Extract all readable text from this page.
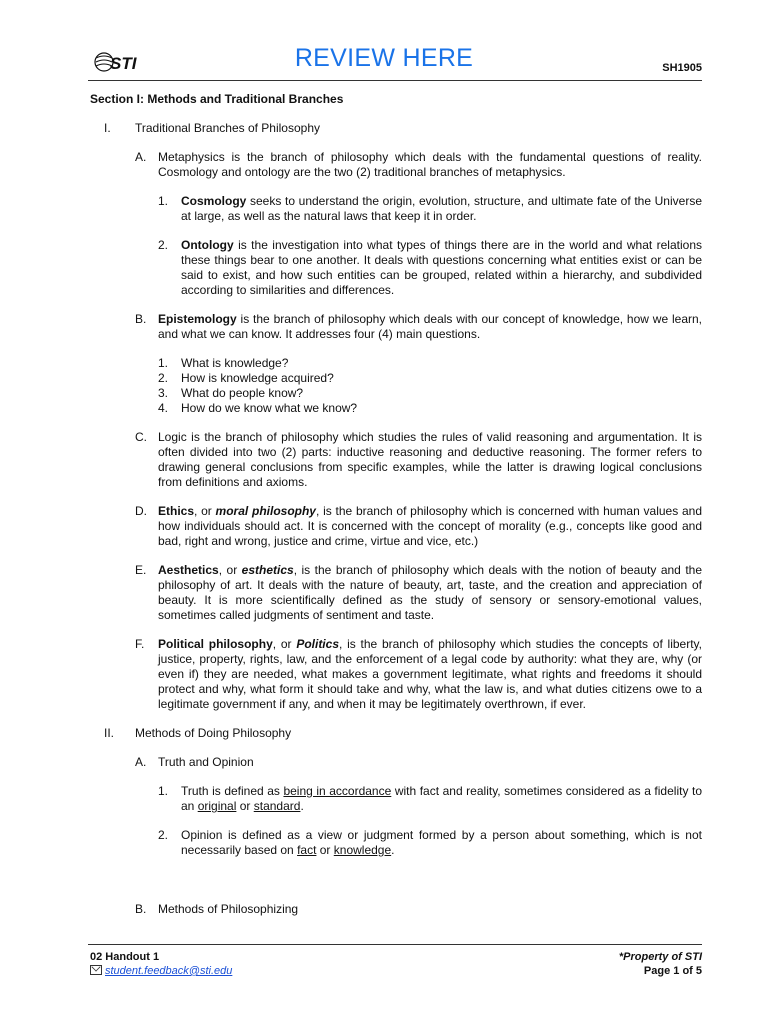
STI	REVIEW HERE	SH1905
Section I: Methods and Traditional Branches
I. Traditional Branches of Philosophy
A. Metaphysics is the branch of philosophy which deals with the fundamental questions of reality. Cosmology and ontology are the two (2) traditional branches of metaphysics.
1. Cosmology seeks to understand the origin, evolution, structure, and ultimate fate of the Universe at large, as well as the natural laws that keep it in order.
2. Ontology is the investigation into what types of things there are in the world and what relations these things bear to one another. It deals with questions concerning what entities exist or can be said to exist, and how such entities can be grouped, related within a hierarchy, and subdivided according to similarities and differences.
B. Epistemology is the branch of philosophy which deals with our concept of knowledge, how we learn, and what we can know. It addresses four (4) main questions.
1. What is knowledge?
2. How is knowledge acquired?
3. What do people know?
4. How do we know what we know?
C. Logic is the branch of philosophy which studies the rules of valid reasoning and argumentation. It is often divided into two (2) parts: inductive reasoning and deductive reasoning. The former refers to drawing general conclusions from specific examples, while the latter is drawing logical conclusions from definitions and axioms.
D. Ethics, or moral philosophy, is the branch of philosophy which is concerned with human values and how individuals should act. It is concerned with the concept of morality (e.g., concepts like good and bad, right and wrong, justice and crime, virtue and vice, etc.)
E. Aesthetics, or esthetics, is the branch of philosophy which deals with the notion of beauty and the philosophy of art. It deals with the nature of beauty, art, taste, and the creation and appreciation of beauty. It is more scientifically defined as the study of sensory or sensory-emotional values, sometimes called judgments of sentiment and taste.
F. Political philosophy, or Politics, is the branch of philosophy which studies the concepts of liberty, justice, property, rights, law, and the enforcement of a legal code by authority: what they are, why (or even if) they are needed, what makes a government legitimate, what rights and freedoms it should protect and why, what form it should take and why, what the law is, and what duties citizens owe to a legitimate government if any, and when it may be legitimately overthrown, if ever.
II. Methods of Doing Philosophy
A. Truth and Opinion
1. Truth is defined as being in accordance with fact and reality, sometimes considered as a fidelity to an original or standard.
2. Opinion is defined as a view or judgment formed by a person about something, which is not necessarily based on fact or knowledge.
B. Methods of Philosophizing
02 Handout 1
student.feedback@sti.edu
*Property of STI
Page 1 of 5
